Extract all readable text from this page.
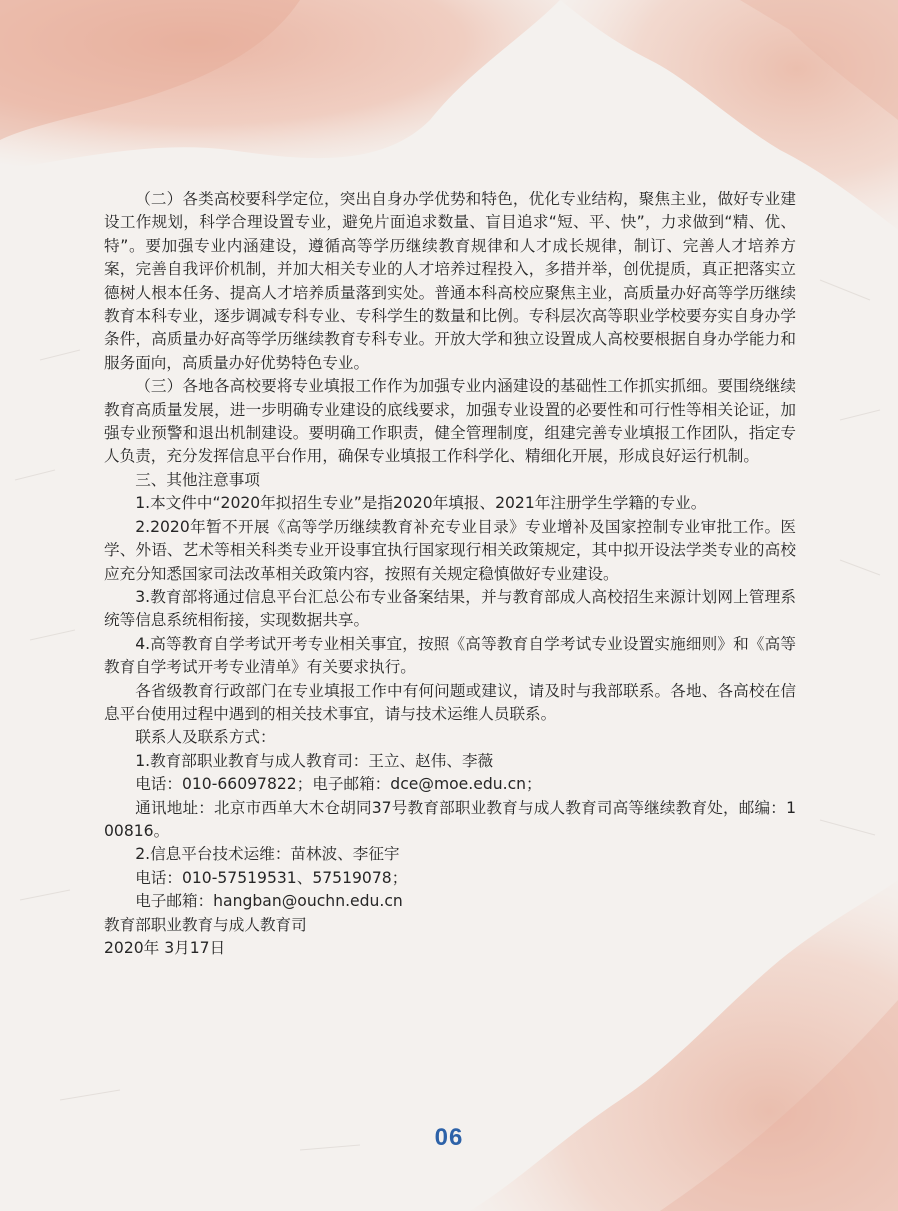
（二）各类高校要科学定位，突出自身办学优势和特色，优化专业结构，聚焦主业，做好专业建设工作规划，科学合理设置专业，避免片面追求数量、盲目追求“短、平、快”，力求做到“精、优、特”。要加强专业内涵建设，遵循高等学历继续教育规律和人才成长规律，制订、完善人才培养方案，完善自我评价机制，并加大相关专业的人才培养过程投入，多措并举，创优提质，真正把落实立德树人根本任务、提高人才培养质量落到实处。普通本科高校应聚焦主业，高质量办好高等学历继续教育本科专业，逐步调减专科专业、专科学生的数量和比例。专科层次高等职业学校要夯实自身办学条件，高质量办好高等学历继续教育专科专业。开放大学和独立设置成人高校要根据自身办学能力和服务面向，高质量办好优势特色专业。

（三）各地各高校要将专业填报工作作为加强专业内涵建设的基础性工作抓实抓细。要围绕继续教育高质量发展，进一步明确专业建设的底线要求，加强专业设置的必要性和可行性等相关论证，加强专业预警和退出机制建设。要明确工作职责，健全管理制度，组建完善专业填报工作团队，指定专人负责，充分发挥信息平台作用，确保专业填报工作科学化、精细化开展，形成良好运行机制。

三、其他注意事项

1.本文件中“2020年拟招生专业”是指2020年填报、2021年注册学生学籍的专业。

2.2020年暂不开展《高等学历继续教育补充专业目录》专业增补及国家控制专业审批工作。医学、外语、艺术等相关科类专业开设事宜执行国家现行相关政策规定，其中拟开设法学类专业的高校应充分知悉国家司法改革相关政策内容，按照有关规定稳慎做好专业建设。

3.教育部将通过信息平台汇总公布专业备案结果，并与教育部成人高校招生来源计划网上管理系统等信息系统相衔接，实现数据共享。

4.高等教育自学考试开考专业相关事宜，按照《高等教育自学考试专业设置实施细则》和《高等教育自学考试开考专业清单》有关要求执行。

各省级教育行政部门在专业填报工作中有何问题或建议，请及时与我部联系。各地、各高校在信息平台使用过程中遇到的相关技术事宜，请与技术运维人员联系。

联系人及联系方式：

1.教育部职业教育与成人教育司：王立、赵伟、李薇

电话：010-66097822；电子邮箱：dce@moe.edu.cn；

通讯地址：北京市西单大木仓胡同37号教育部职业教育与成人教育司高等继续教育处，邮编：100816。

2.信息平台技术运维：苗林波、李征宇

电话：010-57519531、57519078；

电子邮箱：hangban@ouchn.edu.cn

教育部职业教育与成人教育司

2020年 3月17日

06
